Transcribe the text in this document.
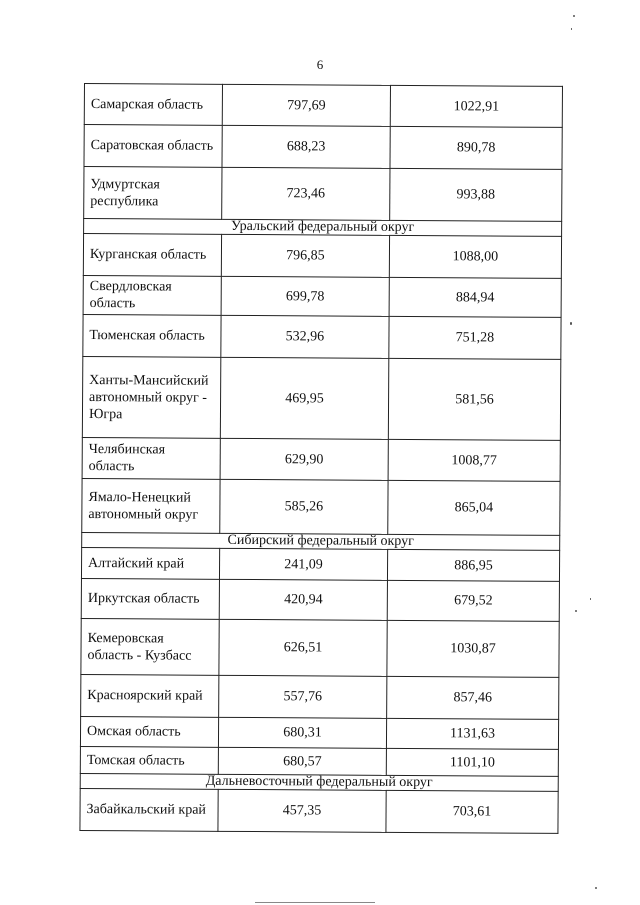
6
Самарская область	797,69	1022,91
Саратовская область	688,23	890,78
Удмуртская республика	723,46	993,88
Уральский федеральный округ		
Курганская область	796,85	1088,00
Свердловская область	699,78	884,94
Тюменская область	532,96	751,28
Ханты-Мансийский автономный округ - Югра	469,95	581,56
Челябинская область	629,90	1008,77
Ямало-Ненецкий автономный округ	585,26	865,04
Сибирский федеральный округ		
Алтайский край	241,09	886,95
Иркутская область	420,94	679,52
Кемеровская область - Кузбасс	626,51	1030,87
Красноярский край	557,76	857,46
Омская область	680,31	1131,63
Томская область	680,57	1101,10
Дальневосточный федеральный округ		
Забайкальский край	457,35	703,61
